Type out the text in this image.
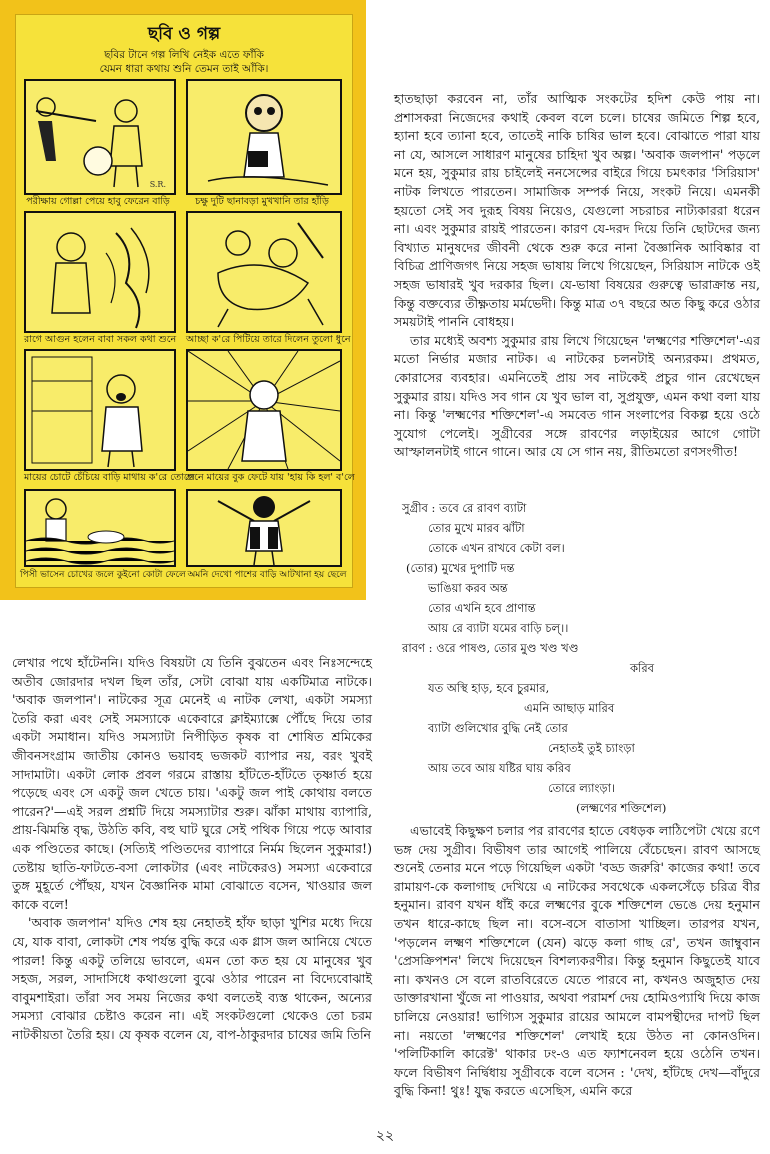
ছবি ও গল্প
ছবির টানে গল্প লিখি নেইক এতে ফাঁকি
যেমন ধারা কথায় শুনি তেমন তাই আঁকি।
S.R.
পরীক্ষায় গোল্লা পেয়ে হাবু ফেরেন বাড়ি	চক্ষু দুটি ছানাবড়া মুখখানি তার হাঁড়ি
রাগে আগুন হলেন বাবা সকল কথা শুনে আচ্ছা ক'রে পিটিয়ে তারে দিলেন তুলো ধুনে
মায়ের চোটে চেঁচিয়ে বাড়ি মাথায় ক'রে তোলে
শুনে মায়ের বুক ফেটে যায় 'হায় কি হল' ব'লে
পিসী ভাসেন চোখের জলে কুইনো কোটা ফেলে অমনি দেখো পাশের বাড়ি আটখানা হয় ছেলে

হাতছাড়া করবেন না, তাঁর আত্মিক সংকটের হদিশ কেউ পায় না। প্রশাসকরা নিজেদের কথাই কেবল বলে চলে। চাষের জমিতে শিল্প হবে, হ্যানা হবে ত্যানা হবে, তাতেই নাকি চাষির ভাল হবে। বোঝাতে পারা যায় না যে, আসলে সাধারণ মানুষের চাহিদা খুব অল্প। 'অবাক জলপান' পড়লে মনে হয়, সুকুমার রায় চাইলেই ননসেন্সের বাইরে গিয়ে চমৎকার 'সিরিয়াস' নাটক লিখতে পারতেন। সামাজিক সম্পর্ক নিয়ে, সংকট নিয়ে। এমনকী হয়তো সেই সব দুরূহ বিষয় নিয়েও, যেগুলো সচরাচর নাট্যকাররা ধরেন না। এবং সুকুমার রায়ই পারতেন। কারণ যে-দরদ দিয়ে তিনি ছোটদের জন্য বিখ্যাত মানুষদের জীবনী থেকে শুরু করে নানা বৈজ্ঞানিক আবিষ্কার বা বিচিত্র প্রাণিজগৎ নিয়ে সহজ ভাষায় লিখে গিয়েছেন, সিরিয়াস নাটকে ওই সহজ ভাষারই খুব দরকার ছিল। যে-ভাষা বিষয়ের গুরুত্বে ভারাক্রান্ত নয়, কিন্তু বক্তব্যের তীক্ষ্ণতায় মর্মভেদী। কিন্তু মাত্র ৩৭ বছরে অত কিছু করে ওঠার সময়টাই পাননি বোধহয়।

তার মধ্যেই অবশ্য সুকুমার রায় লিখে গিয়েছেন 'লক্ষ্মণের শক্তিশেল'-এর মতো নির্ভার মজার নাটক। এ নাটকের চলনটাই অন্যরকম। প্রথমত, কোরাসের ব্যবহার। এমনিতেই প্রায় সব নাটকেই প্রচুর গান রেখেছেন সুকুমার রায়। যদিও সব গান যে খুব ভাল বা, সুপ্রযুক্ত, এমন কথা বলা যায় না। কিন্তু 'লক্ষ্মণের শক্তিশেল'-এ সমবেত গান সংলাপের বিকল্প হয়ে ওঠে সুযোগ পেলেই। সুগ্রীবের সঙ্গে রাবণের লড়াইয়ের আগে গোটা আস্ফালনটাই গানে গানে। আর যে সে গান নয়, রীতিমতো রণসংগীত!

সুগ্রীব : তবে রে রাবণ ব্যাটা
তোর মুখে মারব ঝাঁটা
তোকে এখন রাখবে কেটা বল।
(তোর) মুখের দুপাটি দন্ত
ভাঙিয়া করব অন্ত
তোর এখনি হবে প্রাণান্ত
আয় রে ব্যাটা যমের বাড়ি চল্।।
রাবণ : ওরে পাষণ্ড, তোর মুণ্ড খণ্ড খণ্ড
করিব
যত অস্থি হাড়, হবে চুরমার,
এমনি আছাড় মারিব
ব্যাটা গুলিখোর বুদ্ধি নেই তোর
নেহাতই তুই চ্যাংড়া
আয় তবে আয় যষ্টির ঘায় করিব
তোরে ল্যাংড়া।
(লক্ষ্মণের শক্তিশেল)

লেখার পথে হাঁটেননি। যদিও বিষয়টা যে তিনি বুঝতেন এবং নিঃসন্দেহে অতীব জোরদার দখল ছিল তাঁর, সেটা বোঝা যায় একটিমাত্র নাটকে। 'অবাক জলপান'। নাটকের সূত্র মেনেই এ নাটক লেখা, একটা সমস্যা তৈরি করা এবং সেই সমস্যাকে একেবারে ক্লাইম্যাক্সে পৌঁছে দিয়ে তার একটা সমাধান। যদিও সমস্যাটা নিপীড়িত কৃষক বা শোষিত শ্রমিকের জীবনসংগ্রাম জাতীয় কোনও ভয়াবহ ভজকট ব্যাপার নয়, বরং খুবই সাদামাটা। একটা লোক প্রবল গরমে রাস্তায় হাঁটতে-হাঁটতে তৃষ্ণার্ত হয়ে পড়েছে এবং সে একটু জল খেতে চায়। 'একটু জল পাই কোথায় বলতে পারেন?'—এই সরল প্রশ্নটি দিয়ে সমস্যাটার শুরু। ঝাঁকা মাথায় ব্যাপারি, প্রায়-ঝিমন্তি বৃদ্ধ, উঠতি কবি, বহু ঘাট ঘুরে সেই পথিক গিয়ে পড়ে আবার এক পণ্ডিতের কাছে। (সত্যিই পণ্ডিতদের ব্যাপারে নির্মম ছিলেন সুকুমার!) তেষ্টায় ছাতি-ফাটতে-বসা লোকটার (এবং নাটকেরও) সমস্যা একেবারে তুঙ্গ মুহূর্তে পৌঁছয়, যখন বৈজ্ঞানিক মামা বোঝাতে বসেন, খাওয়ার জল কাকে বলে!

'অবাক জলপান' যদিও শেষ হয় নেহাতই হাঁফ ছাড়া খুশির মধ্যে দিয়ে যে, যাক বাবা, লোকটা শেষ পর্যন্ত বুদ্ধি করে এক গ্লাস জল আনিয়ে খেতে পারল! কিন্তু একটু তলিয়ে ভাবলে, এমন তো কত হয় যে মানুষের খুব সহজ, সরল, সাদাসিধে কথাগুলো বুঝে ওঠার পারেন না বিদ্যেবোঝাই বাবুমশাইরা। তাঁরা সব সময় নিজের কথা বলতেই ব্যস্ত থাকেন, অন্যের সমস্যা বোঝার চেষ্টাও করেন না। এই সংকটগুলো থেকেও তো চরম নাটকীয়তা তৈরি হয়। যে কৃষক বলেন যে, বাপ-ঠাকুরদার চাষের জমি তিনি

এভাবেই কিছুক্ষণ চলার পর রাবণের হাতে বেধড়ক লাঠিপেটা খেয়ে রণে ভঙ্গ দেয় সুগ্রীব। বিভীষণ তার আগেই পালিয়ে বেঁচেছেন। রাবণ আসছে শুনেই তেনার মনে পড়ে গিয়েছিল একটা 'বড্ড জরুরি' কাজের কথা! তবে রামায়ণ-কে কলাগাছ দেখিয়ে এ নাটকের সবথেকে একলসেঁড়ে চরিত্র বীর হনুমান। রাবণ যখন ধাঁই করে লক্ষ্মণের বুকে শক্তিশেল ভেঙে দেয় হনুমান তখন ধারে-কাছে ছিল না। বসে-বসে বাতাসা খাচ্ছিল। তারপর যখন, 'পড়লেন লক্ষ্মণ শক্তিশেলে (যেন) ঝড়ে কলা গাছ রে', তখন জাম্বুবান 'প্রেসক্রিপশন' লিখে দিয়েছেন বিশল্যকরণীর। কিন্তু হনুমান কিছুতেই যাবে না। কখনও সে বলে রাতবিরেতে যেতে পারবে না, কখনও অজুহাত দেয় ডাক্তারখানা খুঁজে না পাওয়ার, অথবা পরামর্শ দেয় হোমিওপ্যাথি দিয়ে কাজ চালিয়ে নেওয়ার! ভাগ্যিস সুকুমার রায়ের আমলে বামপন্থীদের দাপট ছিল না। নয়তো 'লক্ষ্মণের শক্তিশেল' লেখাই হয়ে উঠত না কোনওদিন। 'পলিটিকালি কারেক্ট' থাকার ঢং-ও এত ফ্যাশনেবল হয়ে ওঠেনি তখন। ফলে বিভীষণ নির্দ্বিধায় সুগ্রীবকে বলে বসেন : 'দেখ, হাঁটছে দেখ—বাঁদুরে বুদ্ধি কিনা! থুঃ! যুদ্ধ করতে এসেছিস, এমনি করে

২২
